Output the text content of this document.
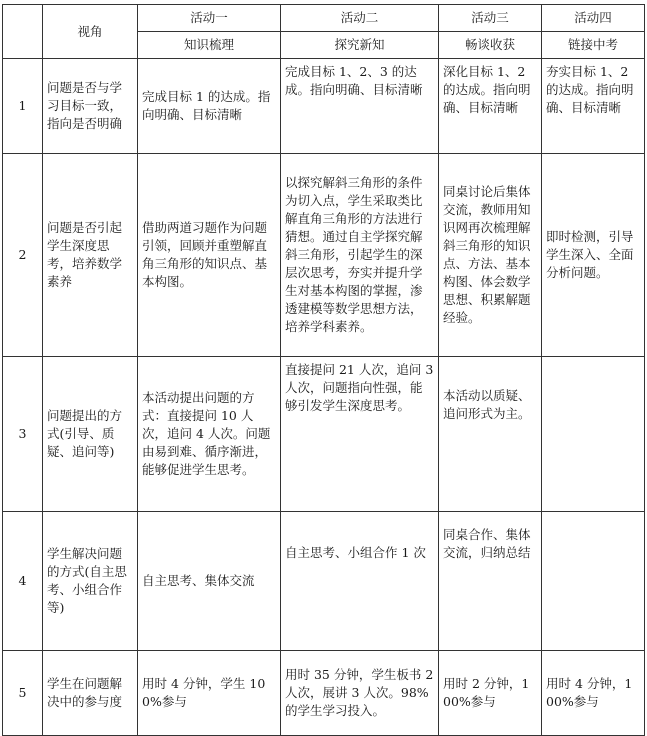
	视角	活动一	活动二	活动三	活动四
		知识梳理	探究新知	畅谈收获	链接中考
1	问题是否与学习目标一致，指向是否明确	完成目标 1 的达成。指向明确、目标清晰	完成目标 1、2、3 的达成。指向明确、目标清晰	深化目标 1、2 的达成。指向明确、目标清晰	夯实目标 1、2 的达成。指向明确、目标清晰
2	问题是否引起学生深度思考，培养数学素养	借助两道习题作为问题引领，回顾并重塑解直角三角形的知识点、基本构图。	以探究解斜三角形的条件为切入点，学生采取类比解直角三角形的方法进行猜想。通过自主学探究解斜三角形，引起学生的深层次思考，夯实并提升学生对基本构图的掌握，渗透建模等数学思想方法，培养学科素养。	同桌讨论后集体交流，教师用知识网再次梳理解斜三角形的知识点、方法、基本构图、体会数学思想、积累解题经验。	即时检测，引导学生深入、全面分析问题。
3	问题提出的方式(引导、质疑、追问等)	本活动提出问题的方式：直接提问 10 人次，追问 4 人次。问题由易到难、循序渐进，能够促进学生思考。	直接提问 21 人次，追问 3 人次，问题指向性强，能够引发学生深度思考。	本活动以质疑、追问形式为主。	
4	学生解决问题的方式(自主思考、小组合作等)	自主思考、集体交流	自主思考、小组合作 1 次	同桌合作、集体交流，归纳总结	
5	学生在问题解决中的参与度	用时 4 分钟，学生 100%参与	用时 35 分钟，学生板书 2 人次，展讲 3 人次。98%的学生学习投入。	用时 2 分钟，100%参与	用时 4 分钟，100%参与
